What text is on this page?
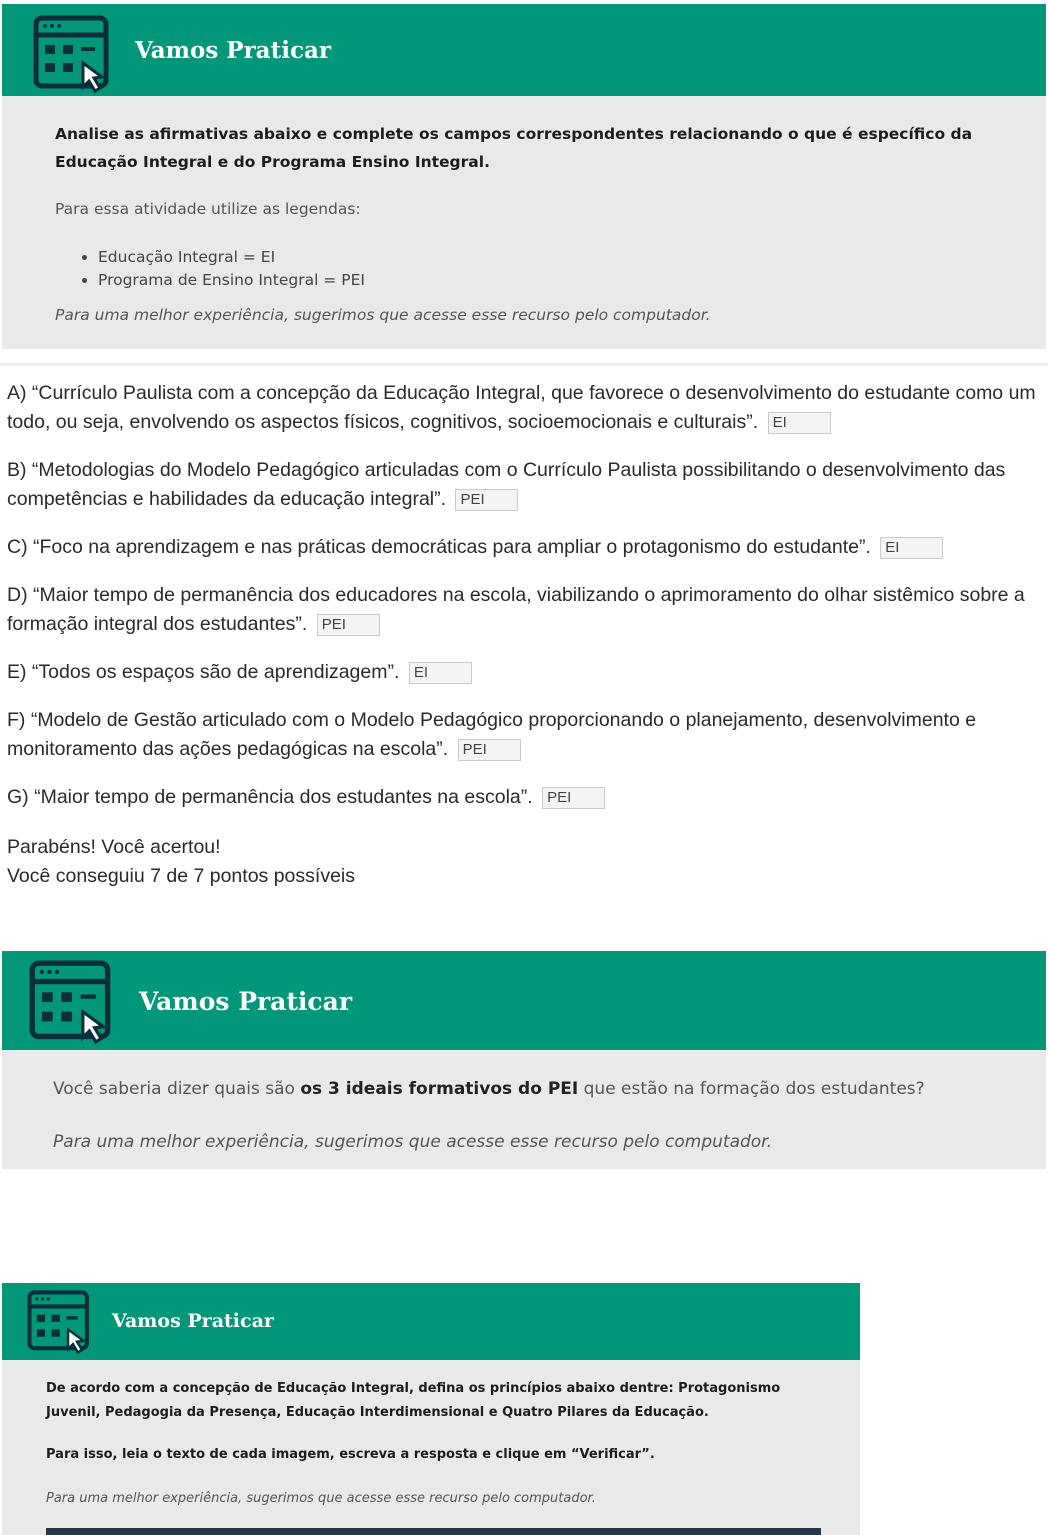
Vamos Praticar
Analise as afirmativas abaixo e complete os campos correspondentes relacionando o que é específico da Educação Integral e do Programa Ensino Integral.
Para essa atividade utilize as legendas:
• Educação Integral = EI
• Programa de Ensino Integral = PEI
Para uma melhor experiência, sugerimos que acesse esse recurso pelo computador.
A) “Currículo Paulista com a concepção da Educação Integral, que favorece o desenvolvimento do estudante como um todo, ou seja, envolvendo os aspectos físicos, cognitivos, socioemocionais e culturais”. EI
B) “Metodologias do Modelo Pedagógico articuladas com o Currículo Paulista possibilitando o desenvolvimento das competências e habilidades da educação integral”. PEI
C) “Foco na aprendizagem e nas práticas democráticas para ampliar o protagonismo do estudante”. EI
D) “Maior tempo de permanência dos educadores na escola, viabilizando o aprimoramento do olhar sistêmico sobre a formação integral dos estudantes”. PEI
E) “Todos os espaços são de aprendizagem”. EI
F) “Modelo de Gestão articulado com o Modelo Pedagógico proporcionando o planejamento, desenvolvimento e monitoramento das ações pedagógicas na escola”. PEI
G) “Maior tempo de permanência dos estudantes na escola”. PEI
Parabéns! Você acertou!
Você conseguiu 7 de 7 pontos possíveis
Vamos Praticar
Você saberia dizer quais são os 3 ideais formativos do PEI que estão na formação dos estudantes?
Para uma melhor experiência, sugerimos que acesse esse recurso pelo computador.
Vamos Praticar
De acordo com a concepção de Educação Integral, defina os princípios abaixo dentre: Protagonismo Juvenil, Pedagogia da Presença, Educação Interdimensional e Quatro Pilares da Educação.
Para isso, leia o texto de cada imagem, escreva a resposta e clique em “Verificar”.
Para uma melhor experiência, sugerimos que acesse esse recurso pelo computador.
